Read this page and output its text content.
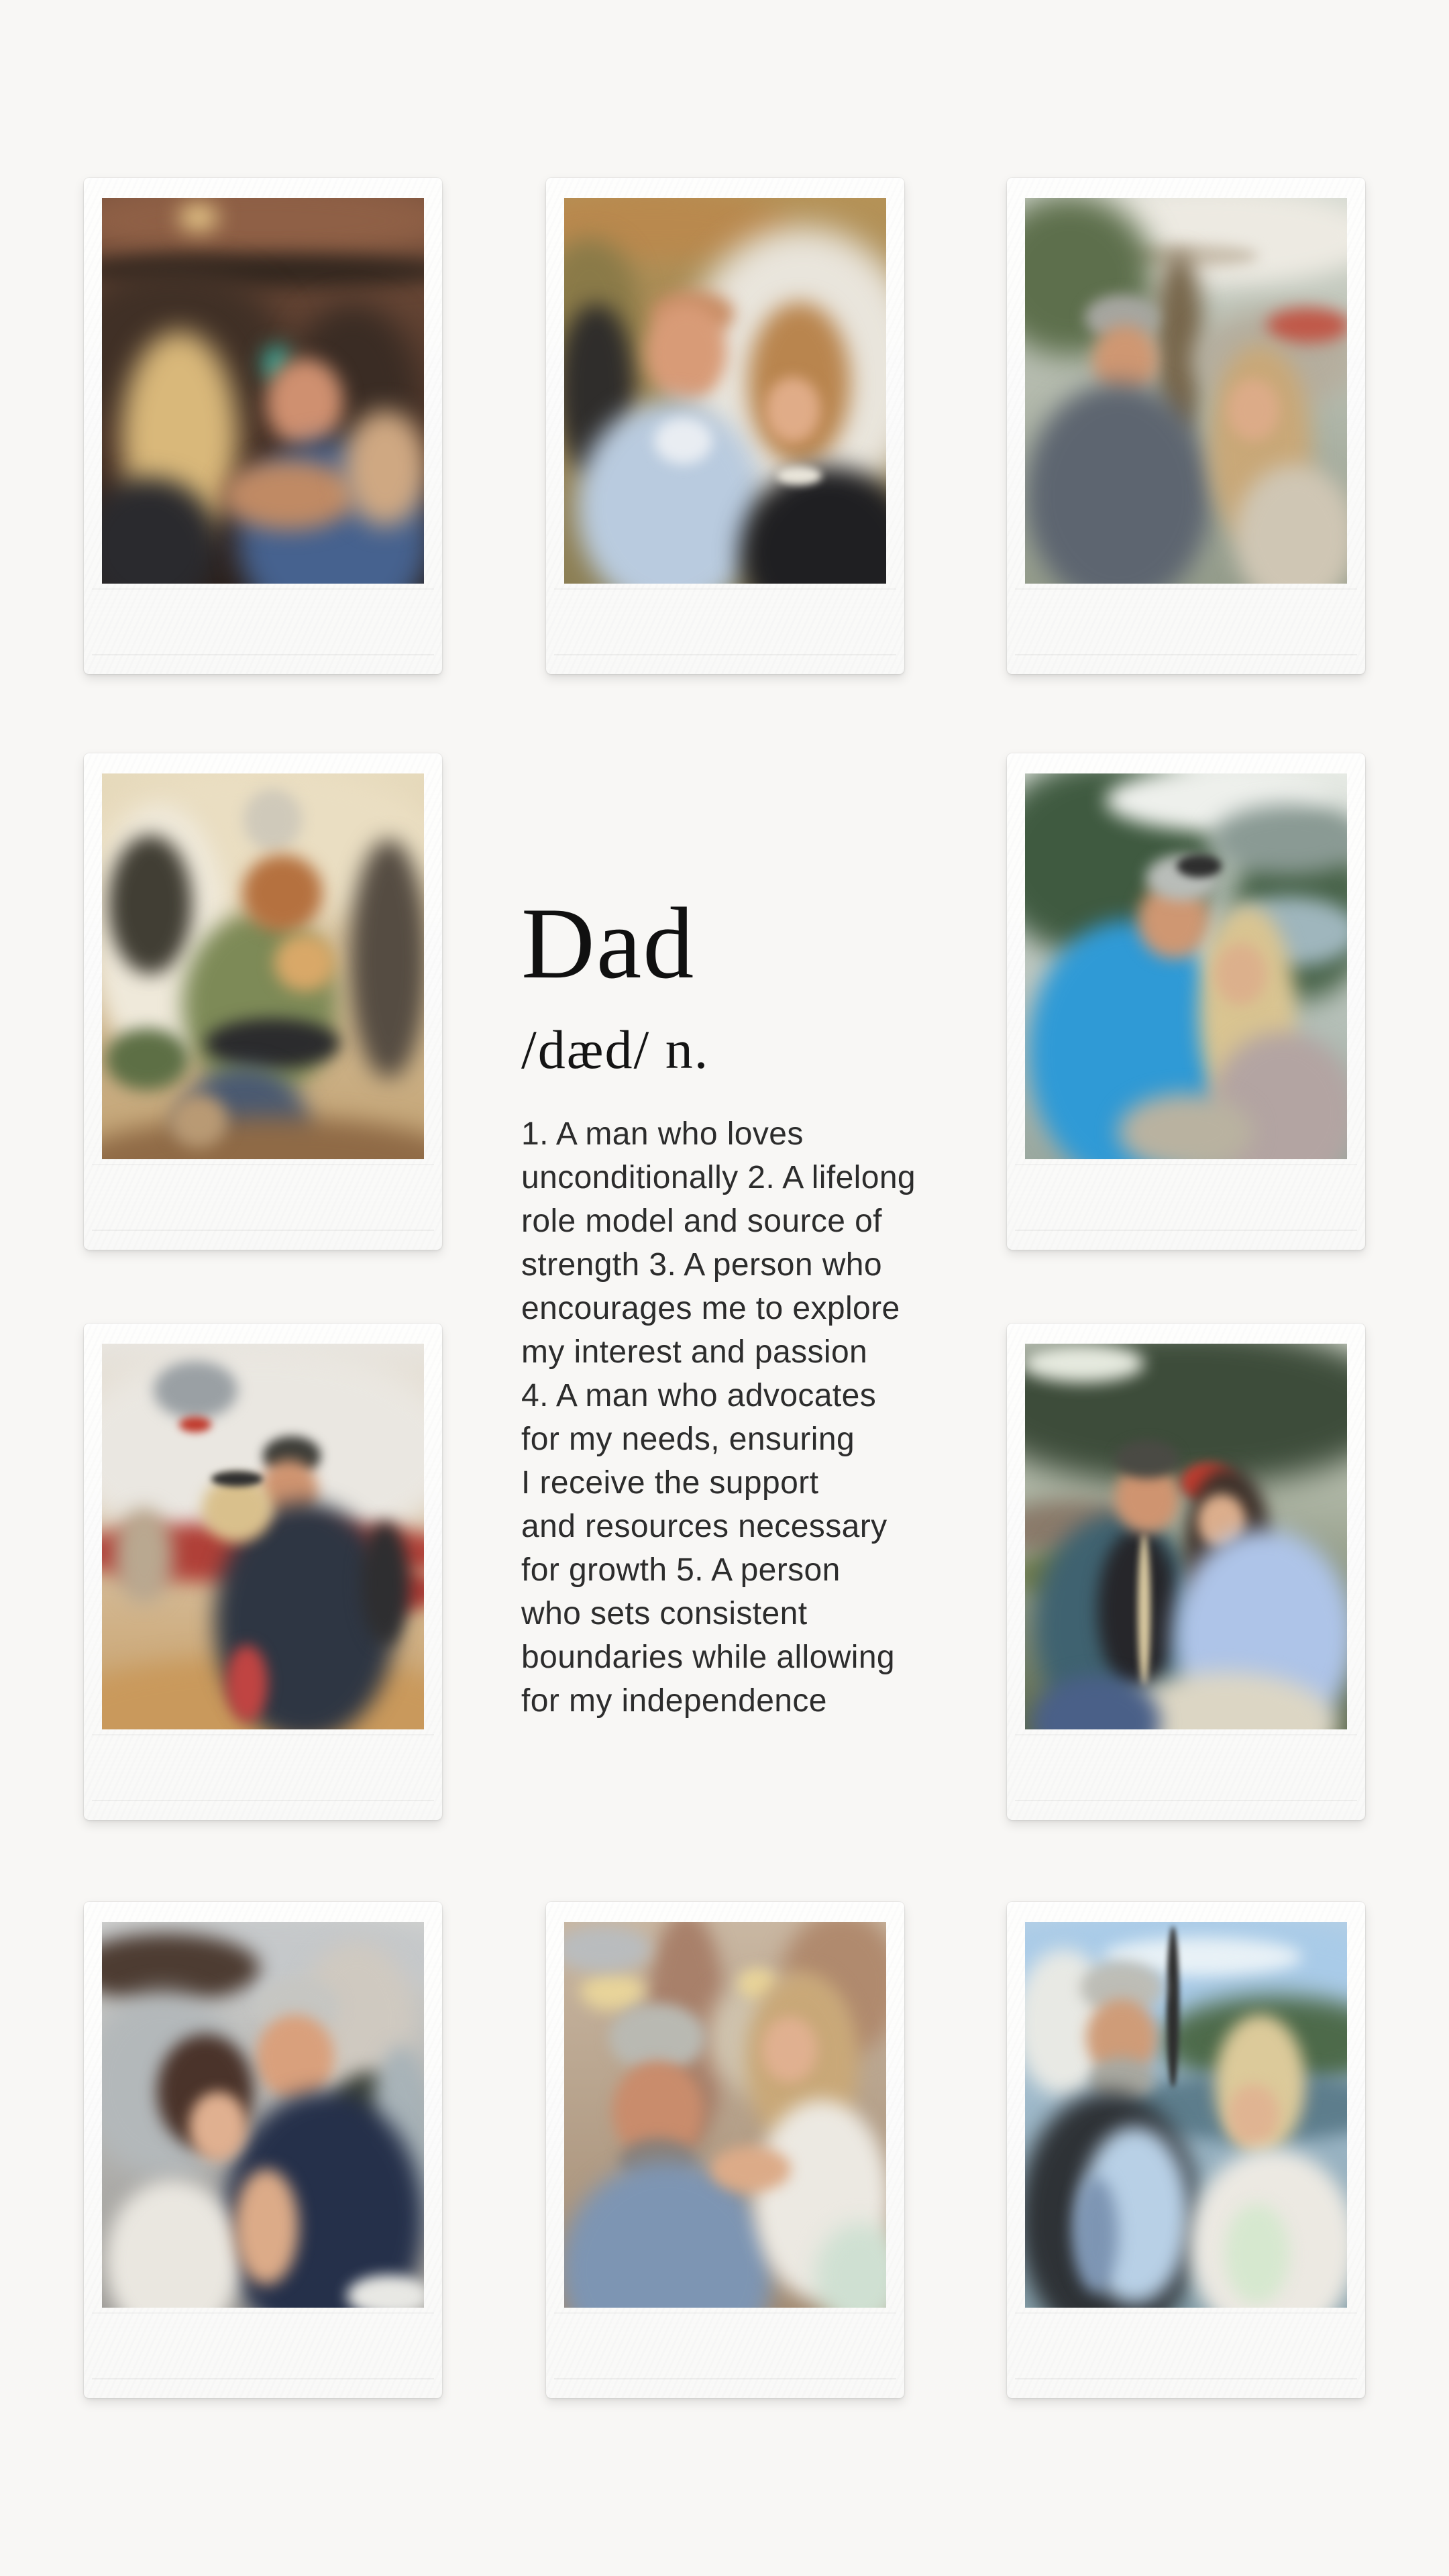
Dad
/dæd/ n.
1. A man who loves
unconditionally 2. A lifelong
role model and source of
strength 3. A person who
encourages me to explore
my interest and passion
4. A man who advocates
for my needs, ensuring
I receive the support
and resources necessary
for growth 5. A person
who sets consistent
boundaries while allowing
for my independence
